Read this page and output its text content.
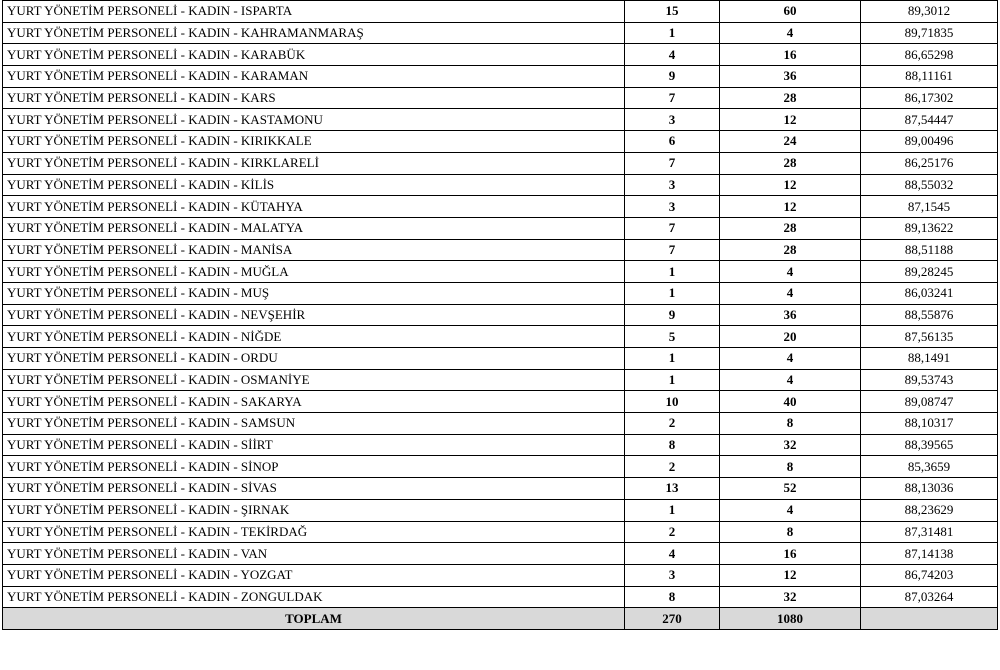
YURT YÖNETİM PERSONELİ - KADIN - ISPARTA	15	60	89,3012
YURT YÖNETİM PERSONELİ - KADIN - KAHRAMANMARAŞ	1	4	89,71835
YURT YÖNETİM PERSONELİ - KADIN - KARABÜK	4	16	86,65298
YURT YÖNETİM PERSONELİ - KADIN - KARAMAN	9	36	88,11161
YURT YÖNETİM PERSONELİ - KADIN - KARS	7	28	86,17302
YURT YÖNETİM PERSONELİ - KADIN - KASTAMONU	3	12	87,54447
YURT YÖNETİM PERSONELİ - KADIN - KIRIKKALE	6	24	89,00496
YURT YÖNETİM PERSONELİ - KADIN - KIRKLARELİ	7	28	86,25176
YURT YÖNETİM PERSONELİ - KADIN - KİLİS	3	12	88,55032
YURT YÖNETİM PERSONELİ - KADIN - KÜTAHYA	3	12	87,1545
YURT YÖNETİM PERSONELİ - KADIN - MALATYA	7	28	89,13622
YURT YÖNETİM PERSONELİ - KADIN - MANİSA	7	28	88,51188
YURT YÖNETİM PERSONELİ - KADIN - MUĞLA	1	4	89,28245
YURT YÖNETİM PERSONELİ - KADIN - MUŞ	1	4	86,03241
YURT YÖNETİM PERSONELİ - KADIN - NEVŞEHİR	9	36	88,55876
YURT YÖNETİM PERSONELİ - KADIN - NİĞDE	5	20	87,56135
YURT YÖNETİM PERSONELİ - KADIN - ORDU	1	4	88,1491
YURT YÖNETİM PERSONELİ - KADIN - OSMANİYE	1	4	89,53743
YURT YÖNETİM PERSONELİ - KADIN - SAKARYA	10	40	89,08747
YURT YÖNETİM PERSONELİ - KADIN - SAMSUN	2	8	88,10317
YURT YÖNETİM PERSONELİ - KADIN - SİİRT	8	32	88,39565
YURT YÖNETİM PERSONELİ - KADIN - SİNOP	2	8	85,3659
YURT YÖNETİM PERSONELİ - KADIN - SİVAS	13	52	88,13036
YURT YÖNETİM PERSONELİ - KADIN - ŞIRNAK	1	4	88,23629
YURT YÖNETİM PERSONELİ - KADIN - TEKİRDAĞ	2	8	87,31481
YURT YÖNETİM PERSONELİ - KADIN - VAN	4	16	87,14138
YURT YÖNETİM PERSONELİ - KADIN - YOZGAT	3	12	86,74203
YURT YÖNETİM PERSONELİ - KADIN - ZONGULDAK	8	32	87,03264
TOPLAM	270	1080	
